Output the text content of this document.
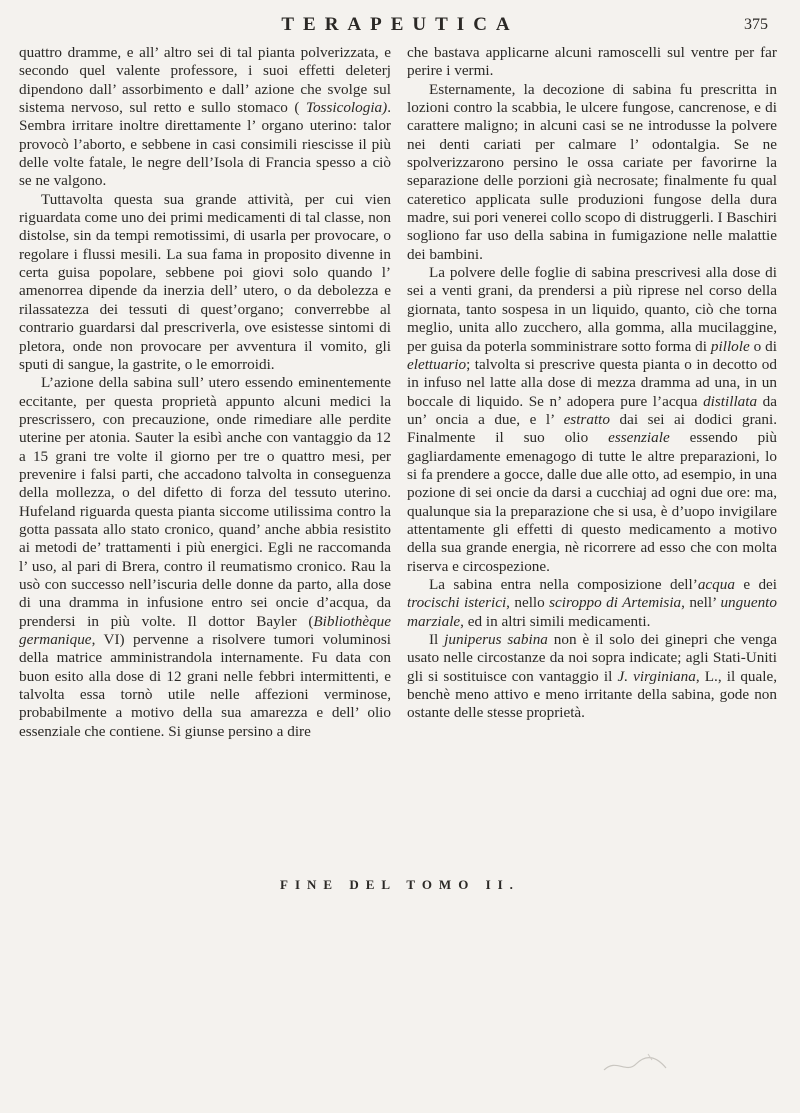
TERAPEUTICA	375

quattro dramme, e all’ altro sei di tal pianta polverizzata, e secondo quel valente professore, i suoi effetti deleterj dipendono dall’ assorbimento e dall’ azione che svolge sul sistema nervoso, sul retto e sullo stomaco ( Tossicologia). Sembra irritare inoltre direttamente l’ organo uterino: talor provocò l’aborto, e sebbene in casi consimili riescisse il più delle volte fatale, le negre dell’Isola di Francia spesso a ciò se ne valgono.

Tuttavolta questa sua grande attività, per cui vien riguardata come uno dei primi medicamenti di tal classe, non distolse, sin da tempi remotissimi, di usarla per provocare, o regolare i flussi mesili. La sua fama in proposito divenne in certa guisa popolare, sebbene poi giovi solo quando l’ amenorrea dipende da inerzia dell’ utero, o da debolezza e rilassatezza dei tessuti di quest’organo; converrebbe al contrario guardarsi dal prescriverla, ove esistesse sintomi di pletora, onde non provocare per avventura il vomito, gli sputi di sangue, la gastrite, o le emorroidi.

L’azione della sabina sull’ utero essendo eminentemente eccitante, per questa proprietà appunto alcuni medici la prescrissero, con precauzione, onde rimediare alle perdite uterine per atonia. Sauter la esibì anche con vantaggio da 12 a 15 grani tre volte il giorno per tre o quattro mesi, per prevenire i falsi parti, che accadono talvolta in conseguenza della mollezza, o del difetto di forza del tessuto uterino. Hufeland riguarda questa pianta siccome utilissima contro la gotta passata allo stato cronico, quand’ anche abbia resistito ai metodi de’ trattamenti i più energici. Egli ne raccomanda l’ uso, al pari di Brera, contro il reumatismo cronico. Rau la usò con successo nell’iscuria delle donne da parto, alla dose di una dramma in infusione entro sei oncie d’acqua, da prendersi in più volte. Il dottor Bayler (Bibliothèque germanique, VI) pervenne a risolvere tumori voluminosi della matrice amministrandola internamente. Fu data con buon esito alla dose di 12 grani nelle febbri intermittenti, e talvolta essa tornò utile nelle affezioni verminose, probabilmente a motivo della sua amarezza e dell’ olio essenziale che contiene. Si giunse persino a dire

che bastava applicarne alcuni ramoscelli sul ventre per far perire i vermi.

Esternamente, la decozione di sabina fu prescritta in lozioni contro la scabbia, le ulcere fungose, cancrenose, e di carattere maligno; in alcuni casi se ne introdusse la polvere nei denti cariati per calmare l’ odontalgia. Se ne spolverizzarono persino le ossa cariate per favorirne la separazione delle porzioni già necrosate; finalmente fu qual cateretico applicata sulle produzioni fungose della dura madre, sui pori venerei collo scopo di distruggerli. I Baschiri sogliono far uso della sabina in fumigazione nelle malattie dei bambini.

La polvere delle foglie di sabina prescrivesi alla dose di sei a venti grani, da prendersi a più riprese nel corso della giornata, tanto sospesa in un liquido, quanto, ciò che torna meglio, unita allo zucchero, alla gomma, alla mucilaggine, per guisa da poterla somministrare sotto forma di pillole o di elettuario; talvolta si prescrive questa pianta o in decotto od in infuso nel latte alla dose di mezza dramma ad una, in un boccale di liquido. Se n’ adopera pure l’acqua distillata da un’ oncia a due, e l’ estratto dai sei ai dodici grani. Finalmente il suo olio essenziale essendo più gagliardamente emenagogo di tutte le altre preparazioni, lo si fa prendere a gocce, dalle due alle otto, ad esempio, in una pozione di sei oncie da darsi a cucchiaj ad ogni due ore: ma, qualunque sia la preparazione che si usa, è d’uopo invigilare attentamente gli effetti di questo medicamento a motivo della sua grande energia, nè ricorrere ad esso che con molta riserva e circospezione.

La sabina entra nella composizione dell’acqua e dei trocischi isterici, nello sciroppo di Artemisia, nell’ unguento marziale, ed in altri simili medicamenti.

Il juniperus sabina non è il solo dei ginepri che venga usato nelle circostanze da noi sopra indicate; agli Stati-Uniti gli si sostituisce con vantaggio il J. virginiana, L., il quale, benchè meno attivo e meno irritante della sabina, gode non ostante delle stesse proprietà.

FINE DEL TOMO II.
